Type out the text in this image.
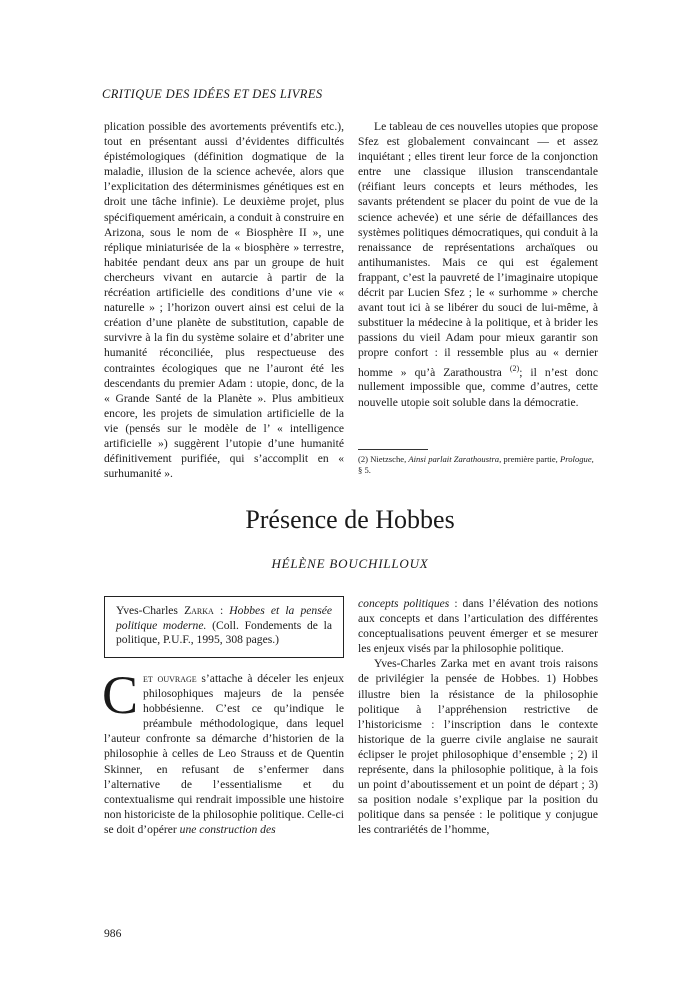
CRITIQUE DES IDÉES ET DES LIVRES

plication possible des avortements préventifs etc.), tout en présentant aussi d’évidentes difficultés épistémologiques (définition dogmatique de la maladie, illusion de la science achevée, alors que l’explicitation des déterminismes génétiques est en droit une tâche infinie). Le deuxième projet, plus spécifiquement américain, a conduit à construire en Arizona, sous le nom de « Biosphère II », une réplique miniaturisée de la « biosphère » terrestre, habitée pendant deux ans par un groupe de huit chercheurs vivant en autarcie à partir de la récréation artificielle des conditions d’une vie « naturelle » ; l’horizon ouvert ainsi est celui de la création d’une planète de substitution, capable de survivre à la fin du système solaire et d’abriter une humanité réconciliée, plus respectueuse des contraintes écologiques que ne l’auront été les descendants du premier Adam : utopie, donc, de la « Grande Santé de la Planète ». Plus ambitieux encore, les projets de simulation artificielle de la vie (pensés sur le modèle de l’ « intelligence artificielle ») suggèrent l’utopie d’une humanité définitivement purifiée, qui s’accomplit en « surhumanité ».

Le tableau de ces nouvelles utopies que propose Sfez est globalement convaincant — et assez inquiétant ; elles tirent leur force de la conjonction entre une classique illusion transcendantale (réifiant leurs concepts et leurs méthodes, les savants prétendent se placer du point de vue de la science achevée) et une série de défaillances des systèmes politiques démocratiques, qui conduit à la renaissance de représentations archaïques ou antihumanistes. Mais ce qui est également frappant, c’est la pauvreté de l’imaginaire utopique décrit par Lucien Sfez ; le « surhomme » cherche avant tout ici à se libérer du souci de lui-même, à substituer la médecine à la politique, et à brider les passions du vieil Adam pour mieux garantir son propre confort : il ressemble plus au « dernier homme » qu’à Zarathoustra $^{(2)}$; il n’est donc nullement impossible que, comme d’autres, cette nouvelle utopie soit soluble dans la démocratie.

(2) Nietzsche, Ainsi parlait Zarathoustra, première partie, Prologue, § 5.
Présence de Hobbes
HÉLÈNE BOUCHILLOUX
Yves-Charles Zarka : Hobbes et la pensée politique moderne. (Coll. Fondements de la politique, P.U.F., 1995, 308 pages.)

Cet ouvrage s’attache à déceler les enjeux philosophiques majeurs de la pensée hobbésienne. C’est ce qu’indique le préambule méthodologique, dans lequel l’auteur confronte sa démarche d’historien de la philosophie à celles de Leo Strauss et de Quentin Skinner, en refusant de s’enfermer dans l’alternative de l’essentialisme et du contextualisme qui rendrait impossible une histoire non historiciste de la philosophie politique. Celle-ci se doit d’opérer une construction des

concepts politiques : dans l’élévation des notions aux concepts et dans l’articulation des différentes conceptualisations peuvent émerger et se mesurer les enjeux visés par la philosophie politique.

Yves-Charles Zarka met en avant trois raisons de privilégier la pensée de Hobbes. 1) Hobbes illustre bien la résistance de la philosophie politique à l’appréhension restrictive de l’historicisme : l’inscription dans le contexte historique de la guerre civile anglaise ne saurait éclipser le projet philosophique d’ensemble ; 2) il représente, dans la philosophie politique, à la fois un point d’aboutissement et un point de départ ; 3) sa position nodale s’explique par la position du politique dans sa pensée : le politique y conjugue les contrariétés de l’homme,

986
